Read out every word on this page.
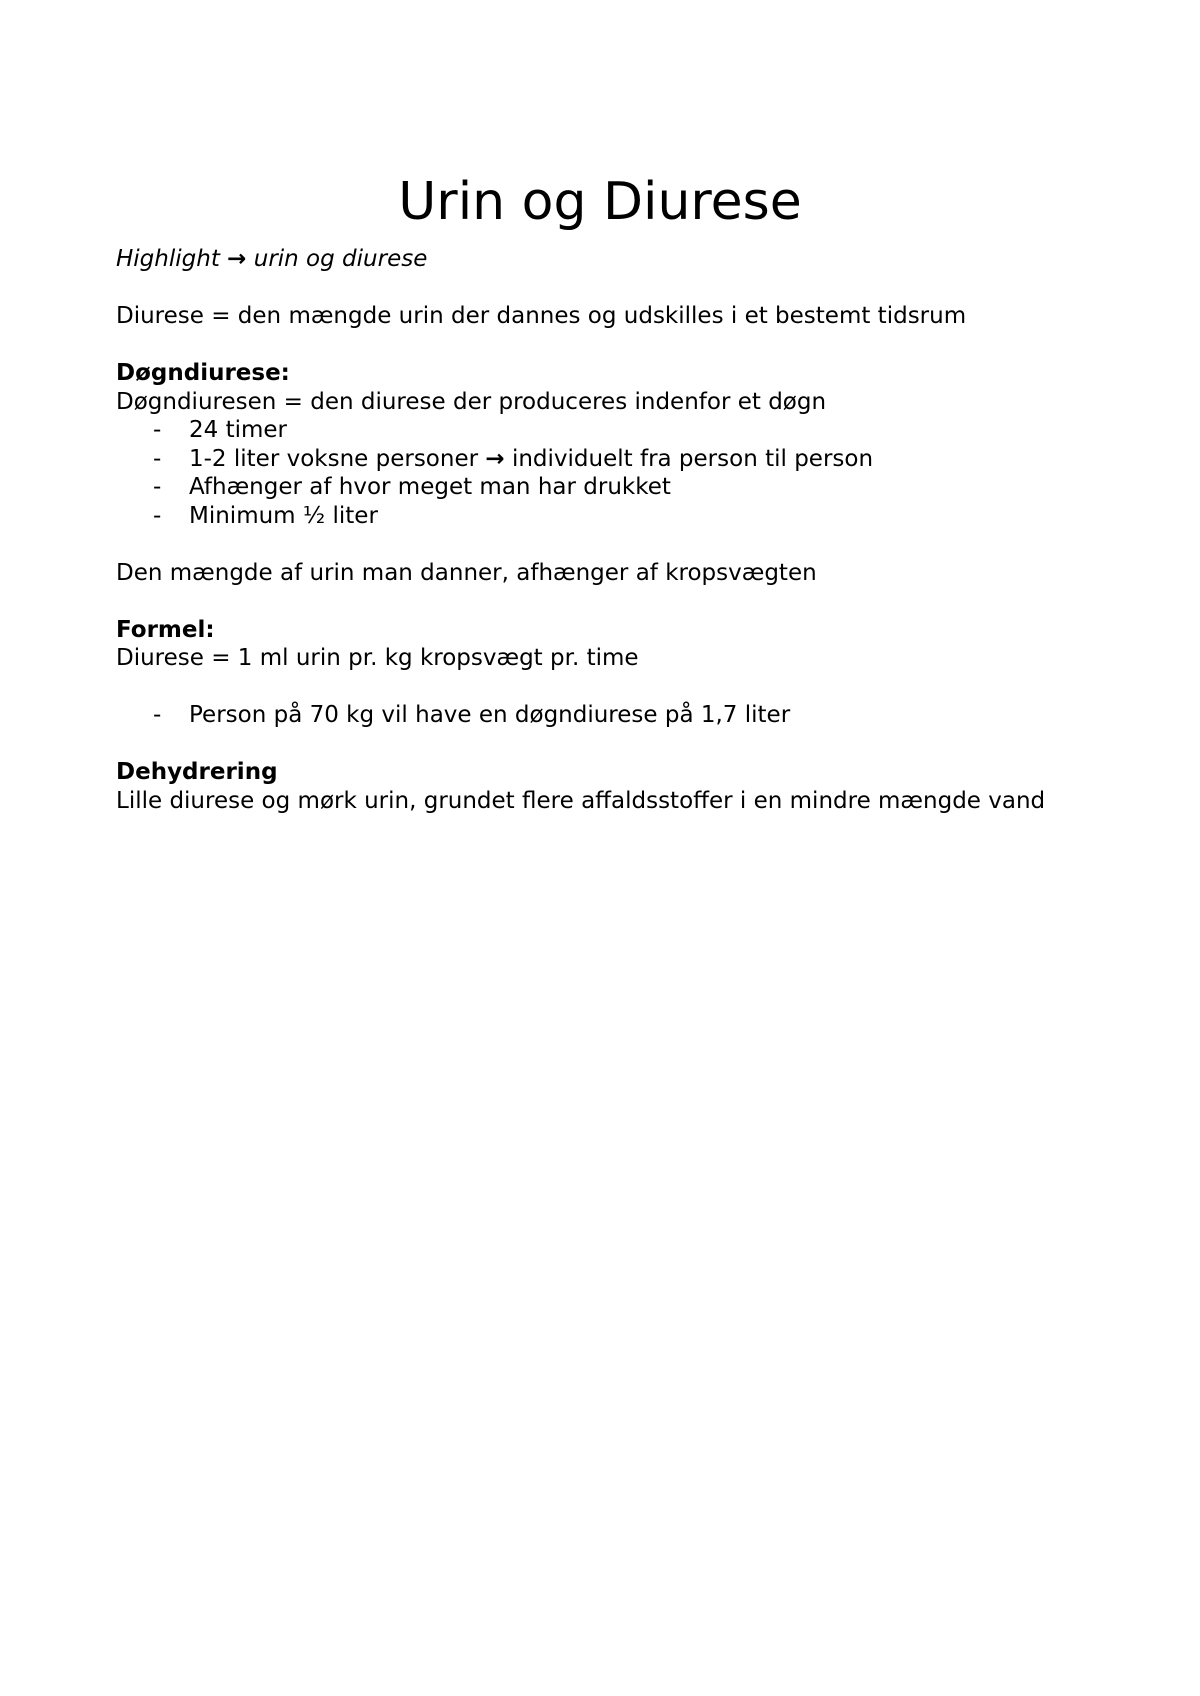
Urin og Diurese
Highlight → urin og diurese
Diurese = den mængde urin der dannes og udskilles i et bestemt tidsrum
Døgndiurese:
Døgndiuresen = den diurese der produceres indenfor et døgn
-	24 timer
-	1-2 liter voksne personer → individuelt fra person til person
-	Afhænger af hvor meget man har drukket
-	Minimum ½ liter
Den mængde af urin man danner, afhænger af kropsvægten
Formel:
Diurese = 1 ml urin pr. kg kropsvægt pr. time
-	Person på 70 kg vil have en døgndiurese på 1,7 liter
Dehydrering
Lille diurese og mørk urin, grundet flere affaldsstoffer i en mindre mængde vand
